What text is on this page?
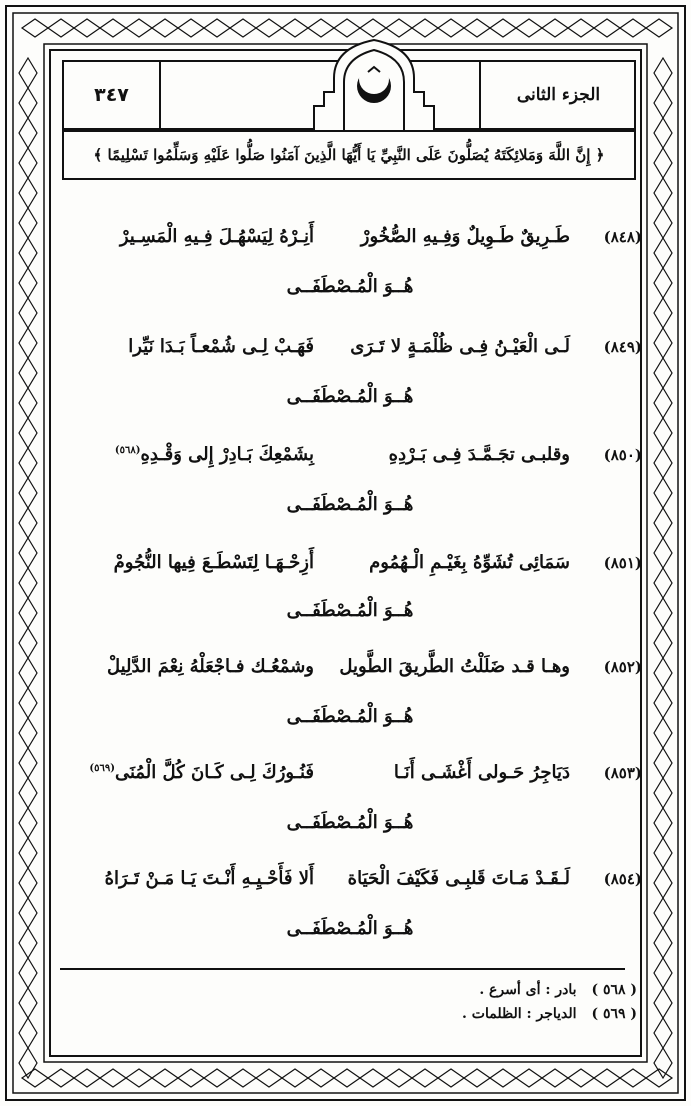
٣٤٧	الجزء الثانى
﴿ إِنَّ اللَّهَ وَمَلائِكَتَهُ يُصَلُّونَ عَلَى النَّبِيِّ يَا أَيُّهَا الَّذِينَ آمَنُوا صَلُّوا عَلَيْهِ وَسَلِّمُوا تَسْلِيمًا ﴾
(٨٤٨)
طَـرِيقٌ طَـوِيلٌ وَفِـيهِ الصُّخُورْ
أَنِـرْهُ لِيَسْهُـلَ فِـيهِ الْمَسِـيرْ
هُــوَ الْمُـصْطَفَــى
(٨٤٩)
لَـى الْعَيْـنُ فِـى ظُلْمَـةٍ لا تَـرَى
فَهَـبْ لِـى شُمْعـاً بَـدَا نَيِّرا
هُــوَ الْمُـصْطَفَــى
(٨٥٠)
وقلبـى تجَـمَّـدَ فِـى بَـرْدِهِ
بِشَمْعِكَ بَـادِرْ إِلى وَقْـدِهِ$^{(٥٦٨)}$
هُــوَ الْمُـصْطَفَــى
(٨٥١)
سَمَائِى تُشَوِّهُ بِغَيْـمِ الْـهُمُوم
أَزِحْـهَـا لِتَسْطَـعَ فِيها النُّجُومْ
هُــوَ الْمُـصْطَفَــى
(٨٥٢)
وهـا قـد ضَلَلْتُ الطَّريقَ الطَّويل
وشمْعُـك فـاجْعَلْهُ نِعْمَ الدَّلِيلْ
هُــوَ الْمُـصْطَفَــى
(٨٥٣)
دَيَاجِرُ حَـولى أَغْشَـى أَنَـا
فَنُـورُكَ لِـى كَـانَ كُلَّ الْمُنَى$^{(٥٦٩)}$
هُــوَ الْمُـصْطَفَــى
(٨٥٤)
لَـقَـدْ مَـاتَ قَلبِـى فَكَيْفَ الْحَيَاة
أَلا فَأَحْـيِـهِ أَنْـتَ يَـا مَـنْ تَـرَاهُ
هُــوَ الْمُـصْطَفَــى
( ٥٦٨ ) بادر : أى أسرع .
( ٥٦٩ ) الدياجر : الظلمات .
